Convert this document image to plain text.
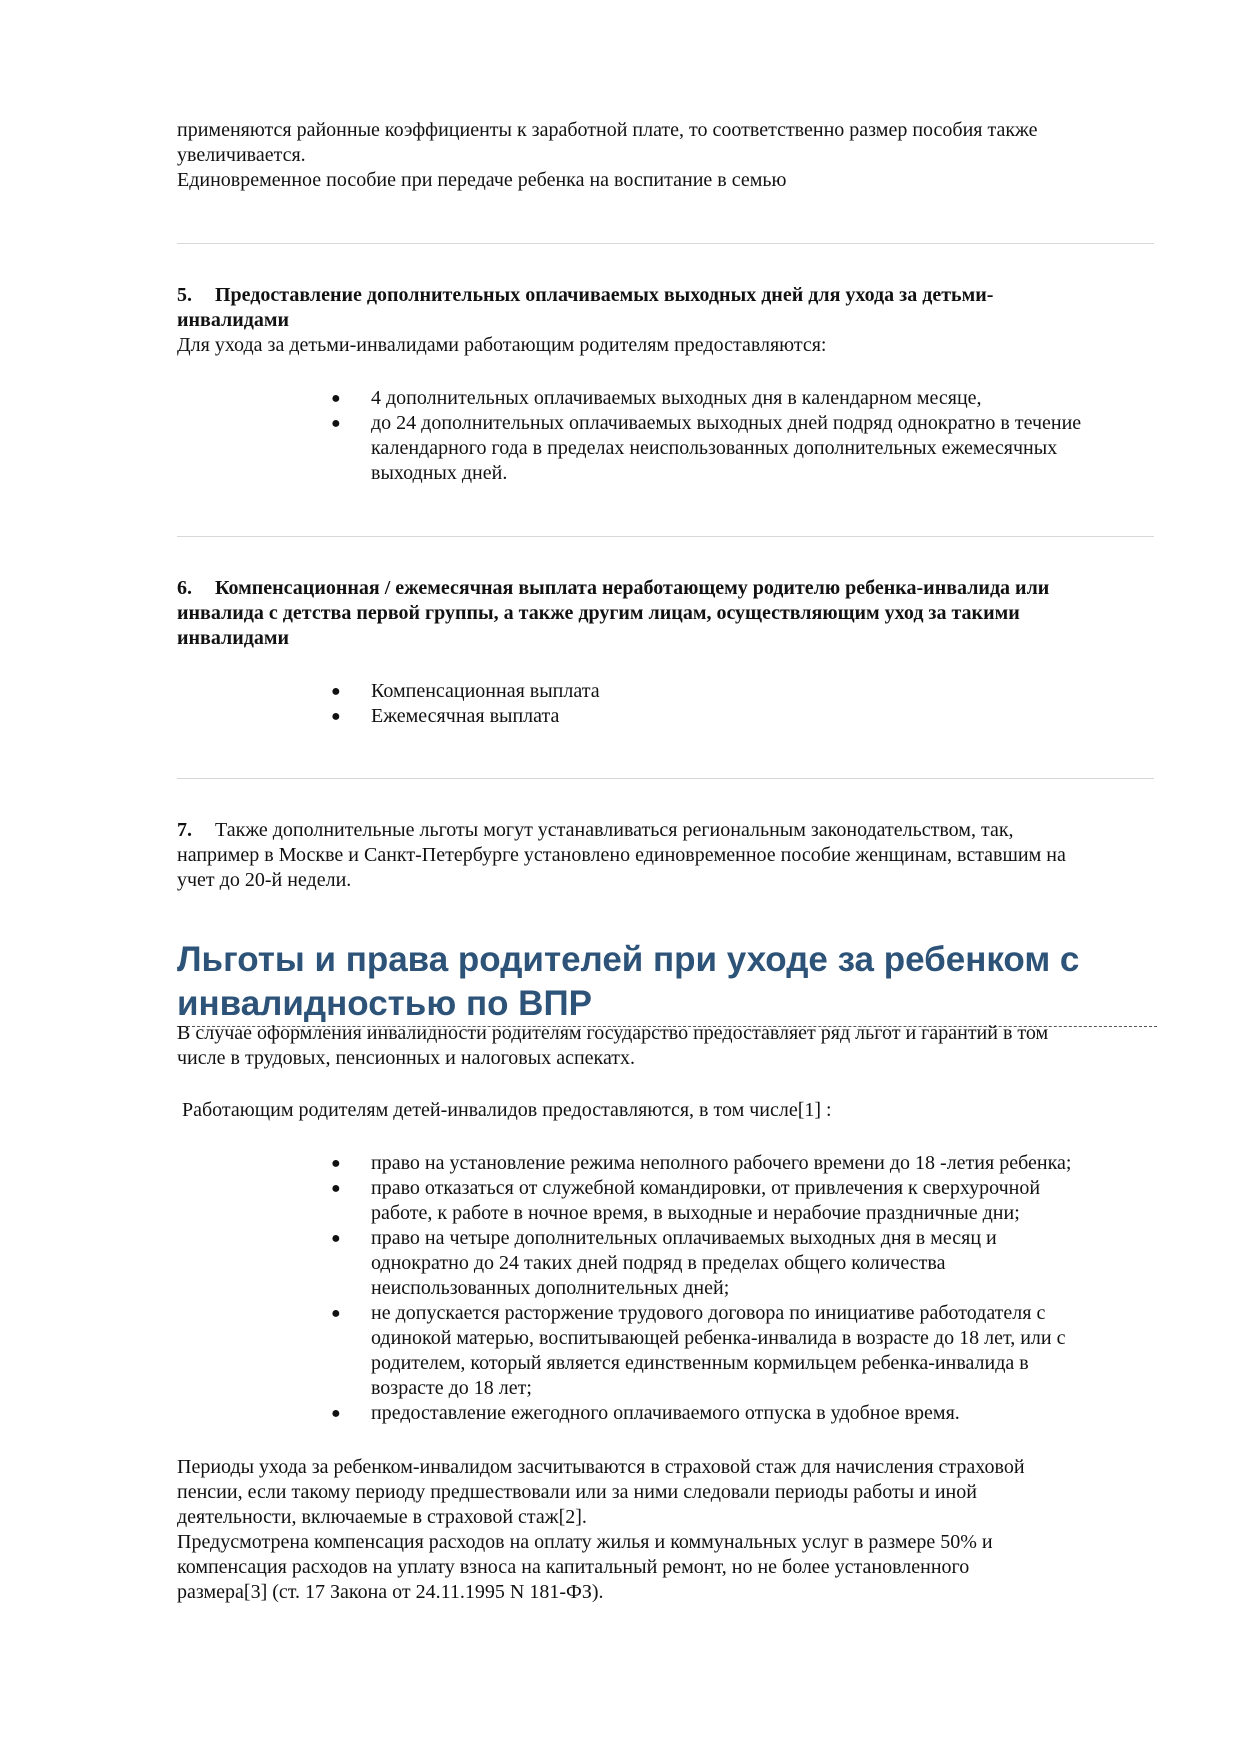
применяются районные коэффициенты к заработной плате, то соответственно размер пособия также
увеличивается.
Единовременное пособие при передаче ребенка на воспитание в семью
5. Предоставление дополнительных оплачиваемых выходных дней для ухода за детьми-
инвалидами
Для ухода за детьми-инвалидами работающим родителям предоставляются:
● 4 дополнительных оплачиваемых выходных дня в календарном месяце,
● до 24 дополнительных оплачиваемых выходных дней подряд однократно в течение
календарного года в пределах неиспользованных дополнительных ежемесячных
выходных дней.
6. Компенсационная / ежемесячная выплата неработающему родителю ребенка-инвалида или
инвалида с детства первой группы, а также другим лицам, осуществляющим уход за такими
инвалидами
● Компенсационная выплата
● Ежемесячная выплата
7. Также дополнительные льготы могут устанавливаться региональным законодательством, так,
например в Москве и Санкт-Петербурге установлено единовременное пособие женщинам, вставшим на
учет до 20-й недели.
Льготы и права родителей при уходе за ребенком с
инвалидностью по ВПР
В случае оформления инвалидности родителям государство предоставляет ряд льгот и гарантий в том
числе в трудовых, пенсионных и налоговых аспекатх.
Работающим родителям детей-инвалидов предоставляются, в том числе[1] :
● право на установление режима неполного рабочего времени до 18 -летия ребенка;
● право отказаться от служебной командировки, от привлечения к сверхурочной
работе, к работе в ночное время, в выходные и нерабочие праздничные дни;
● право на четыре дополнительных оплачиваемых выходных дня в месяц и
однократно до 24 таких дней подряд в пределах общего количества
неиспользованных дополнительных дней;
● не допускается расторжение трудового договора по инициативе работодателя с
одинокой матерью, воспитывающей ребенка-инвалида в возрасте до 18 лет, или с
родителем, который является единственным кормильцем ребенка-инвалида в
возрасте до 18 лет;
● предоставление ежегодного оплачиваемого отпуска в удобное время.
Периоды ухода за ребенком-инвалидом засчитываются в страховой стаж для начисления страховой
пенсии, если такому периоду предшествовали или за ними следовали периоды работы и иной
деятельности, включаемые в страховой стаж[2].
Предусмотрена компенсация расходов на оплату жилья и коммунальных услуг в размере 50% и
компенсация расходов на уплату взноса на капитальный ремонт, но не более установленного
размера[3] (ст. 17 Закона от 24.11.1995 N 181-ФЗ).
